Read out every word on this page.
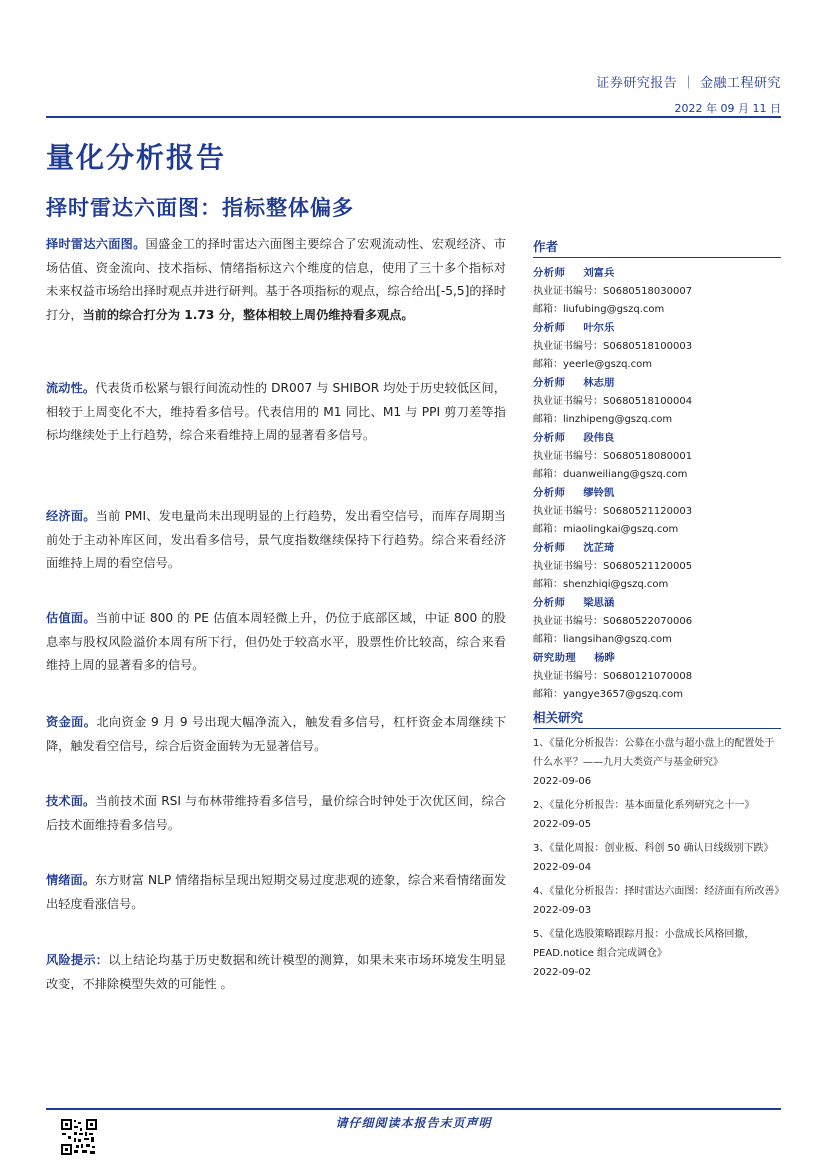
证券研究报告 ｜ 金融工程研究
2022 年 09 月 11 日
量化分析报告
择时雷达六面图：指标整体偏多

择时雷达六面图。国盛金工的择时雷达六面图主要综合了宏观流动性、宏观经济、市场估值、资金流向、技术指标、情绪指标这六个维度的信息，使用了三十多个指标对未来权益市场给出择时观点并进行研判。基于各项指标的观点，综合给出[-5,5]的择时打分，当前的综合打分为 1.73 分，整体相较上周仍维持看多观点。

流动性。代表货币松紧与银行间流动性的 DR007 与 SHIBOR 均处于历史较低区间，相较于上周变化不大，维持看多信号。代表信用的 M1 同比、M1 与 PPI 剪刀差等指标均继续处于上行趋势，综合来看维持上周的显著看多信号。

经济面。当前 PMI、发电量尚未出现明显的上行趋势，发出看空信号，而库存周期当前处于主动补库区间，发出看多信号，景气度指数继续保持下行趋势。综合来看经济面维持上周的看空信号。

估值面。当前中证 800 的 PE 估值本周轻微上升，仍位于底部区域，中证 800 的股息率与股权风险溢价本周有所下行，但仍处于较高水平，股票性价比较高，综合来看维持上周的显著看多的信号。

资金面。北向资金 9 月 9 号出现大幅净流入，触发看多信号，杠杆资金本周继续下降，触发看空信号，综合后资金面转为无显著信号。

技术面。当前技术面 RSI 与布林带维持看多信号，量价综合时钟处于次优区间，综合后技术面维持看多信号。

情绪面。东方财富 NLP 情绪指标呈现出短期交易过度悲观的迹象，综合来看情绪面发出轻度看涨信号。

风险提示：以上结论均基于历史数据和统计模型的测算，如果未来市场环境发生明显改变，不排除模型失效的可能性 。

作者
分析师 刘富兵
执业证书编号：S0680518030007
邮箱：liufubing@gszq.com
分析师 叶尔乐
执业证书编号：S0680518100003
邮箱：yeerle@gszq.com
分析师 林志朋
执业证书编号：S0680518100004
邮箱：linzhipeng@gszq.com
分析师 段伟良
执业证书编号：S0680518080001
邮箱：duanweiliang@gszq.com
分析师 缪铃凯
执业证书编号：S0680521120003
邮箱：miaolingkai@gszq.com
分析师 沈芷琦
执业证书编号：S0680521120005
邮箱：shenzhiqi@gszq.com
分析师 梁思涵
执业证书编号：S0680522070006
邮箱：liangsihan@gszq.com
研究助理 杨晔
执业证书编号：S0680121070008
邮箱：yangye3657@gszq.com
相关研究
1、《量化分析报告：公募在小盘与超小盘上的配置处于什么水平？——九月大类资产与基金研究》
2022-09-06
2、《量化分析报告：基本面量化系列研究之十一》
2022-09-05
3、《量化周报：创业板、科创 50 确认日线级别下跌》
2022-09-04
4、《量化分析报告：择时雷达六面图：经济面有所改善》
2022-09-03
5、《量化选股策略跟踪月报：小盘成长风格回撤，PEAD.notice 组合完成调仓》
2022-09-02
请仔细阅读本报告末页声明
